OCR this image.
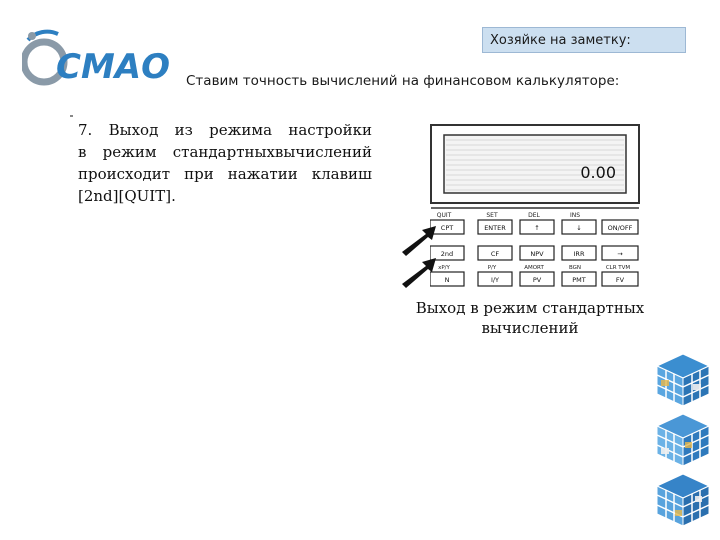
СМАО
Хозяйке на заметку:
Ставим точность вычислений на финансовом калькуляторе:
7. Выход из режима настройки
в режим стандартныхвычислений
происходит при нажатии клавиш
[2nd][QUIT].
0.00
QUIT	SET	DEL	INS
CPT	ENTER	↑	↓	ON/OFF
2nd	CF	NPV	IRR	→
xP/Y	P/Y	AMORT	BGN	CLR TVM
N	I/Y	PV	PMT	FV
Выход в режим стандартных
вычислений
